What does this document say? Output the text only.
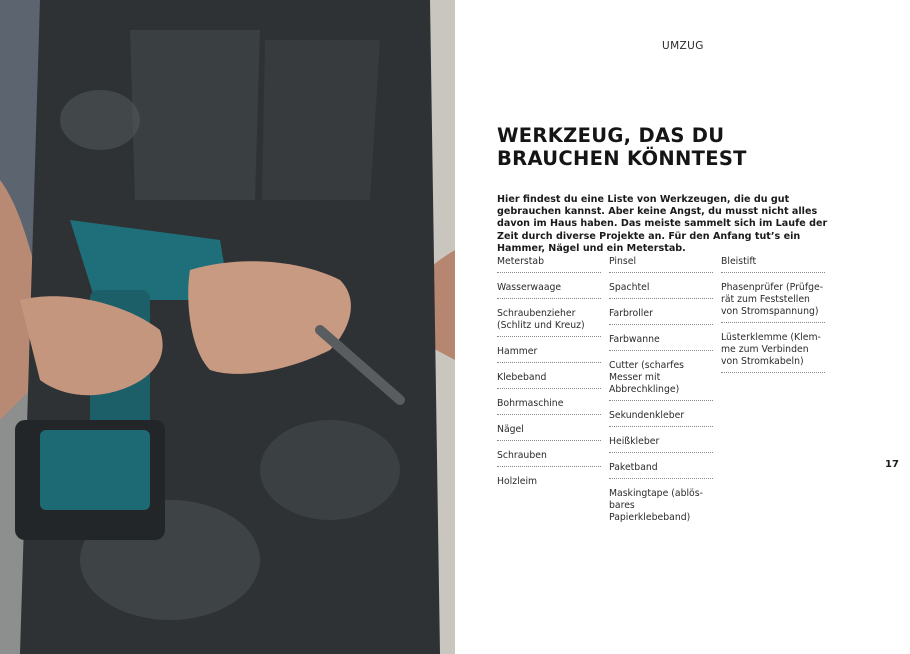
UMZUG
WERKZEUG, DAS DU BRAUCHEN KÖNNTEST

Hier findest du eine Liste von Werkzeugen, die du gut gebrauchen kannst. Aber keine Angst, du musst nicht alles davon im Haus haben. Das meiste sammelt sich im Laufe der Zeit durch diverse Projekte an. Für den Anfang tut’s ein Hammer, Nägel und ein Meterstab.

Meterstab
Wasserwaage
Schraubenzieher (Schlitz und Kreuz)
Hammer
Klebeband
Bohrmaschine
Nägel
Schrauben
Holzleim
Pinsel
Spachtel
Farbroller
Farbwanne
Cutter (scharfes Messer mit Abbrechklinge)
Sekundenkleber
Heißkleber
Paketband
Maskingtape (ablös-bares Papierklebeband)
Bleistift
Phasenprüfer (Prüfge-rät zum Feststellen von Stromspannung)
Lüsterklemme (Klem-me zum Verbinden von Stromkabeln)
17
